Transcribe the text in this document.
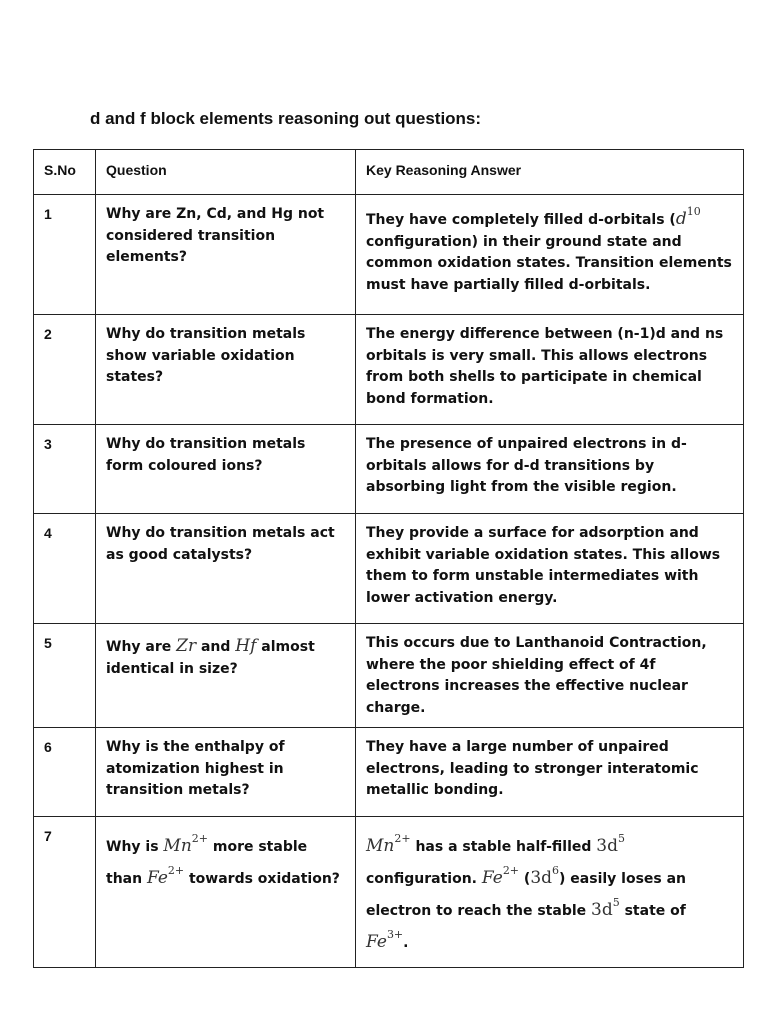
d and f block elements reasoning out questions:
S.No	Question	Key Reasoning Answer
1	Why are Zn, Cd, and Hg not considered transition elements?	They have completely filled d-orbitals ($d^{10}$ configuration) in their ground state and common oxidation states. Transition elements must have partially filled d-orbitals.
2	Why do transition metals show variable oxidation states?	The energy difference between (n-1)d and ns orbitals is very small. This allows electrons from both shells to participate in chemical bond formation.
3	Why do transition metals form coloured ions?	The presence of unpaired electrons in d-orbitals allows for d-d transitions by absorbing light from the visible region.
4	Why do transition metals act as good catalysts?	They provide a surface for adsorption and exhibit variable oxidation states. This allows them to form unstable intermediates with lower activation energy.
5	Why are Zr and Hf almost identical in size?	This occurs due to Lanthanoid Contraction, where the poor shielding effect of 4f electrons increases the effective nuclear charge.
6	Why is the enthalpy of atomization highest in transition metals?	They have a large number of unpaired electrons, leading to stronger interatomic metallic bonding.
7	Why is $Mn^{2+}$ more stable than $Fe^{2+}$ towards oxidation?	$Mn^{2+}$ has a stable half-filled $3d^5$ configuration. $Fe^{2+}$ $(3d^6)$ easily loses an electron to reach the stable $3d^5$ state of $Fe^{3+}$.
